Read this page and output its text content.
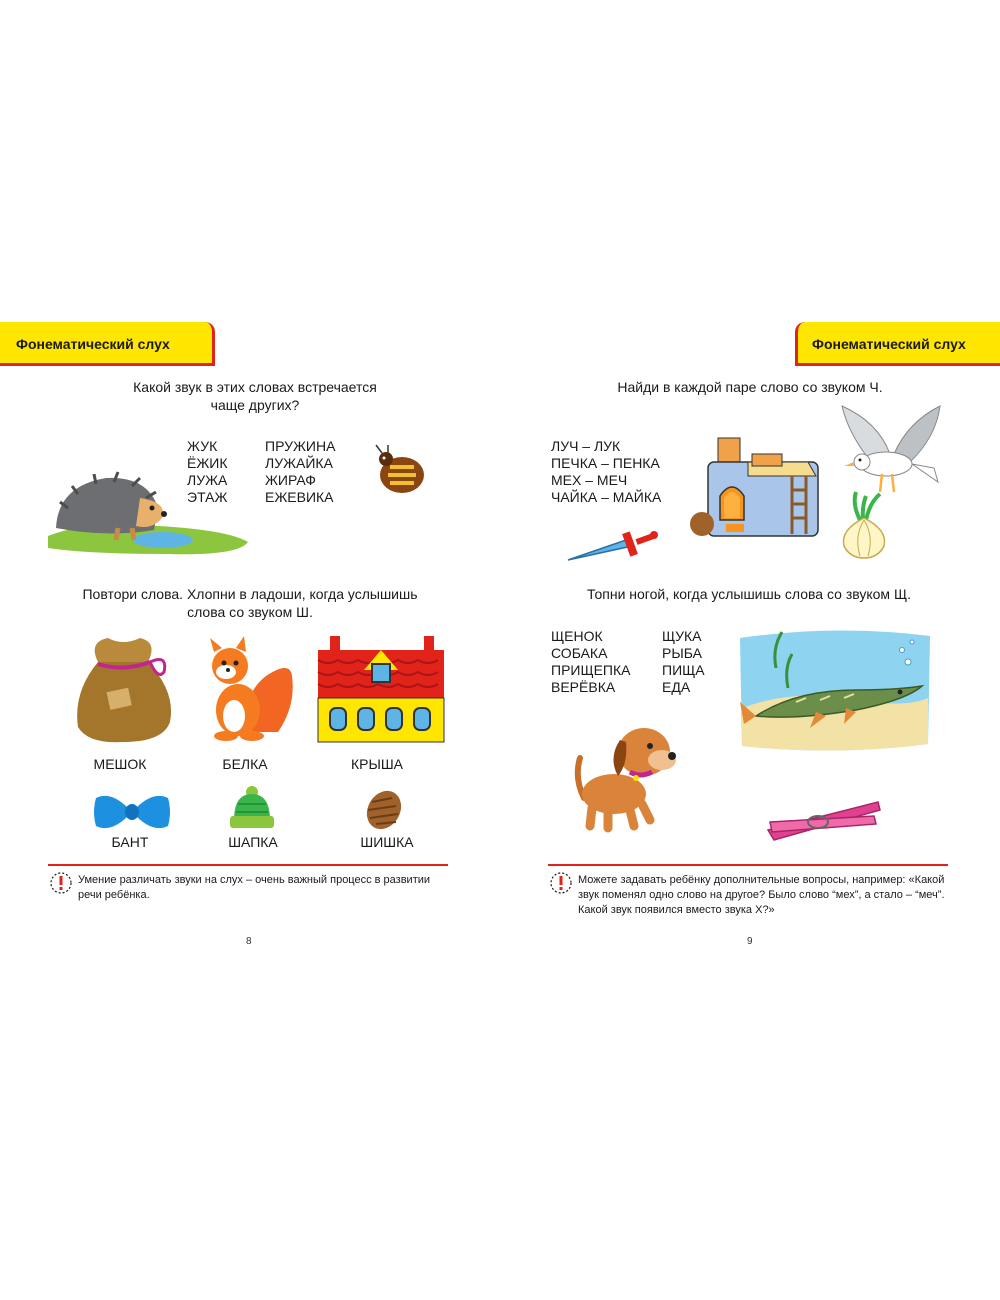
Фонематический слух
Какой звук в этих словах встречается
чаще других?
ЖУК
ЁЖИК
ЛУЖА
ЭТАЖ
ПРУЖИНА
ЛУЖАЙКА
ЖИРАФ
ЕЖЕВИКА
Повтори слова. Хлопни в ладоши, когда услышишь
слова со звуком Ш.
МЕШОК	БЕЛКА	КРЫША
БАНТ	ШАПКА	ШИШКА
Умение различать звуки на слух – очень важный процесс в развитии
речи ребёнка.
8
Фонематический слух
Найди в каждой паре слово со звуком Ч.
ЛУЧ – ЛУК
ПЕЧКА – ПЕНКА
МЕХ – МЕЧ
ЧАЙКА – МАЙКА
Топни ногой, когда услышишь слова со звуком Щ.
ЩЕНОК
СОБАКА
ПРИЩЕПКА
ВЕРЁВКА
ЩУКА
РЫБА
ПИЩА
ЕДА
Можете задавать ребёнку дополнительные вопросы, например: «Какой
звук поменял одно слово на другое? Было слово “мех”, а стало – “меч”.
Какой звук появился вместо звука Х?»
9
